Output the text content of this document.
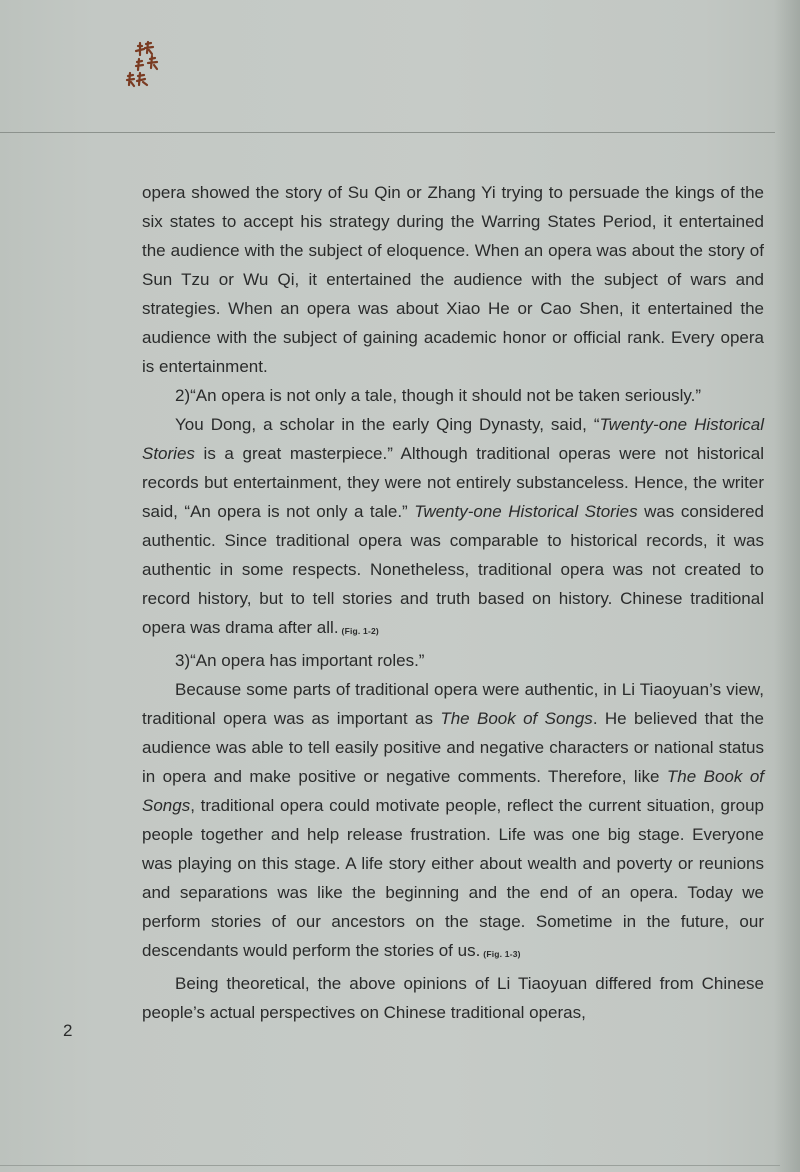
opera showed the story of Su Qin or Zhang Yi trying to persuade the kings of the six states to accept his strategy during the Warring States Period, it entertained the audience with the subject of eloquence. When an opera was about the story of Sun Tzu or Wu Qi, it entertained the audience with the subject of wars and strategies. When an opera was about Xiao He or Cao Shen, it entertained the audience with the subject of gaining academic honor or official rank. Every opera is entertainment.

2)“An opera is not only a tale, though it should not be taken seriously.”

You Dong, a scholar in the early Qing Dynasty, said, “Twenty-one Historical Stories is a great masterpiece.” Although traditional operas were not historical records but entertainment, they were not entirely substanceless. Hence, the writer said, “An opera is not only a tale.” Twenty-one Historical Stories was considered authentic. Since traditional opera was comparable to historical records, it was authentic in some respects. Nonetheless, traditional opera was not created to record history, but to tell stories and truth based on history. Chinese traditional opera was drama after all. (Fig. 1-2)

3)“An opera has important roles.”

Because some parts of traditional opera were authentic, in Li Tiaoyuan’s view, traditional opera was as important as The Book of Songs. He believed that the audience was able to tell easily positive and negative characters or national status in opera and make positive or negative comments. Therefore, like The Book of Songs, traditional opera could motivate people, reflect the current situation, group people together and help release frustration. Life was one big stage. Everyone was playing on this stage. A life story either about wealth and poverty or reunions and separations was like the beginning and the end of an opera. Today we perform stories of our ancestors on the stage. Sometime in the future, our descendants would perform the stories of us. (Fig. 1-3)

Being theoretical, the above opinions of Li Tiaoyuan differed from Chinese people’s actual perspectives on Chinese traditional operas,

2
